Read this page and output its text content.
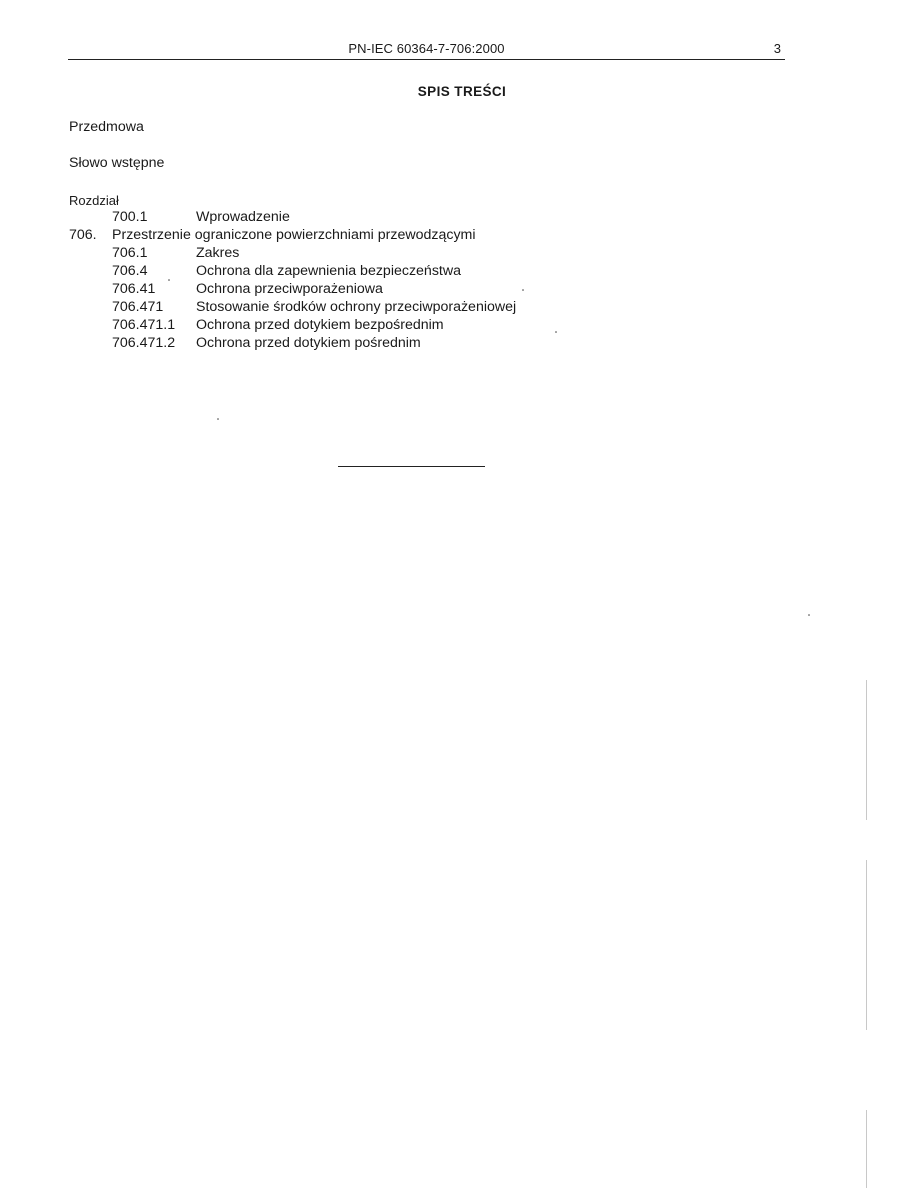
PN-IEC 60364-7-706:2000	3
SPIS TREŚCI
Przedmowa
Słowo wstępne
Rozdział
700.1	Wprowadzenie
706. Przestrzenie ograniczone powierzchniami przewodzącymi
706.1	Zakres
706.4	Ochrona dla zapewnienia bezpieczeństwa
706.41	Ochrona przeciwporażeniowa
706.471 Stosowanie środków ochrony przeciwporażeniowej
706.471.1 Ochrona przed dotykiem bezpośrednim
706.471.2 Ochrona przed dotykiem pośrednim
